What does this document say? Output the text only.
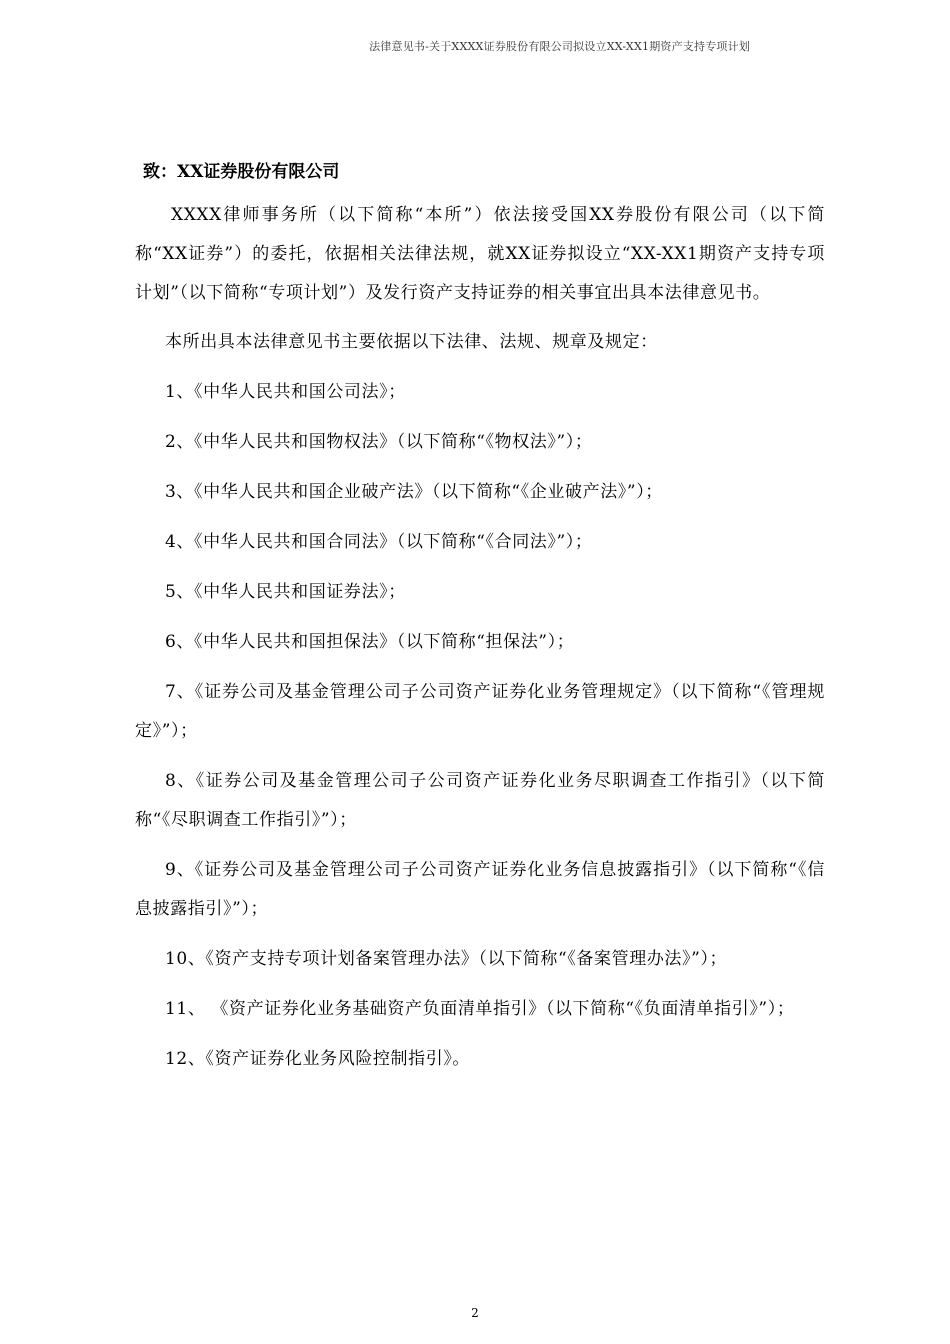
法律意见书-关于XXXX证券股份有限公司拟设立XX-XX1期资产支持专项计划
致：XX证券股份有限公司

XXXX律师事务所（以下简称“本所”）依法接受国XX券股份有限公司（以下简称“XX证券”）的委托，依据相关法律法规，就XX证券拟设立“XX-XX1期资产支持专项计划”（以下简称“专项计划”）及发行资产支持证券的相关事宜出具本法律意见书。

本所出具本法律意见书主要依据以下法律、法规、规章及规定：

1、《中华人民共和国公司法》；

2、《中华人民共和国物权法》（以下简称“《物权法》”）；

3、《中华人民共和国企业破产法》（以下简称“《企业破产法》”）；

4、《中华人民共和国合同法》（以下简称“《合同法》”）；

5、《中华人民共和国证券法》；

6、《中华人民共和国担保法》（以下简称“担保法”）；

7、《证券公司及基金管理公司子公司资产证券化业务管理规定》（以下简称“《管理规定》”）；

8、《证券公司及基金管理公司子公司资产证券化业务尽职调查工作指引》（以下简称“《尽职调查工作指引》”）；

9、《证券公司及基金管理公司子公司资产证券化业务信息披露指引》（以下简称“《信息披露指引》”）；

10、《资产支持专项计划备案管理办法》（以下简称“《备案管理办法》”）；

11、 《资产证券化业务基础资产负面清单指引》（以下简称“《负面清单指引》”）；

12、《资产证券化业务风险控制指引》。

2
